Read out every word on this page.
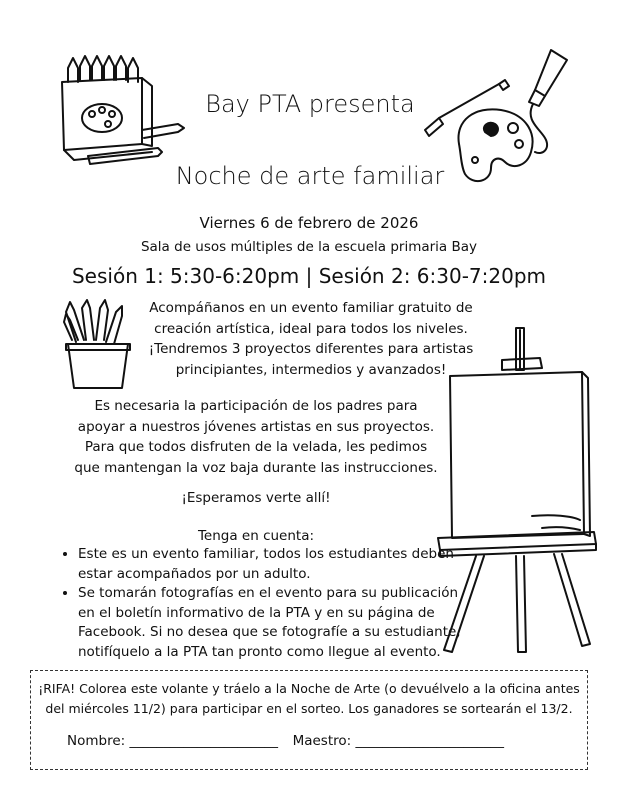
Bay PTA presenta
Noche de arte familiar
Viernes 6 de febrero de 2026
Sala de usos múltiples de la escuela primaria Bay
Sesión 1: 5:30-6:20pm | Sesión 2: 6:30-7:20pm
Acompáñanos en un evento familiar gratuito de
creación artística, ideal para todos los niveles.
¡Tendremos 3 proyectos diferentes para artistas
principiantes, intermedios y avanzados!
Es necesaria la participación de los padres para
apoyar a nuestros jóvenes artistas en sus proyectos.
Para que todos disfruten de la velada, les pedimos
que mantengan la voz baja durante las instrucciones.
¡Esperamos verte allí!
Tenga en cuenta:
• Este es un evento familiar, todos los estudiantes deben estar acompañados por un adulto.
• Se tomarán fotografías en el evento para su publicación en el boletín informativo de la PTA y en su página de Facebook. Si no desea que se fotografíe a su estudiante, notifíquelo a la PTA tan pronto como llegue al evento.
¡RIFA! Colorea este volante y tráelo a la Noche de Arte (o devuélvelo a la oficina antes
del miércoles 11/2) para participar en el sorteo. Los ganadores se sortearán el 13/2.
Nombre: ______________________ Maestro: ______________________
